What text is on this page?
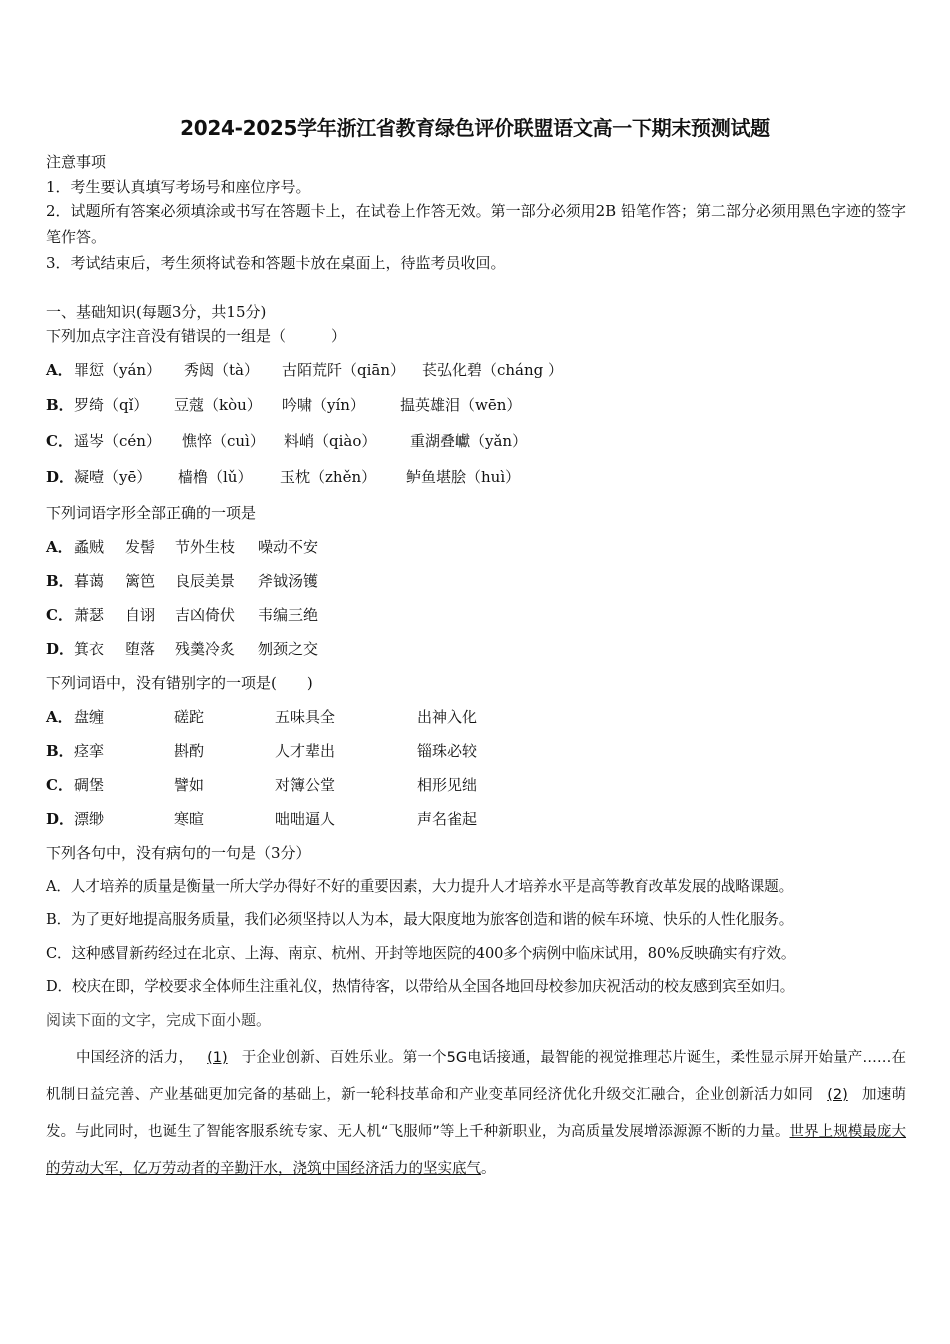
2024-2025学年浙江省教育绿色评价联盟语文高一下期末预测试题
注意事项
1．考生要认真填写考场号和座位序号。
2．试题所有答案必须填涂或书写在答题卡上，在试卷上作答无效。第一部分必须用2B 铅笔作答；第二部分必须用黑色字迹的签字笔作答。
3．考试结束后，考生须将试卷和答题卡放在桌面上，待监考员收回。
一、基础知识(每题3分，共15分)
下列加点字注音没有错误的一组是（　　　）
A． 罪愆（yán） 秀闼（tà） 古陌荒阡（qiān） 苌弘化碧（cháng ）
B． 罗绮（qǐ） 豆蔻（kòu） 吟啸（yín） 揾英雄泪（wēn）
C． 遥岑（cén） 憔悴（cuì） 料峭（qiào） 重湖叠巘（yǎn）
D． 凝噎（yē） 樯橹（lǔ） 玉枕（zhěn） 鲈鱼堪脍（huì）
下列词语字形全部正确的一项是
A． 蟊贼 发髻 节外生枝 噪动不安
B． 暮蔼 篱笆 良辰美景 斧钺汤镬
C． 萧瑟 自诩 吉凶倚伏 韦编三绝
D． 箕衣 堕落 残羹冷炙 刎颈之交
下列词语中，没有错别字的一项是(　　)
A． 盘缠	磋跎	五味具全	出神入化
B． 痉挛	斟酌	人才辈出	锱珠必较
C． 碉堡	譬如	对簿公堂	相形见绌
D． 漂缈	寒暄	咄咄逼人	声名雀起
下列各句中，没有病句的一句是（3分）
A．人才培养的质量是衡量一所大学办得好不好的重要因素，大力提升人才培养水平是高等教育改革发展的战略课题。
B．为了更好地提高服务质量，我们必须坚持以人为本，最大限度地为旅客创造和谐的候车环境、快乐的人性化服务。
C．这种感冒新药经过在北京、上海、南京、杭州、开封等地医院的400多个病例中临床试用，80%反映确实有疗效。
D．校庆在即，学校要求全体师生注重礼仪，热情待客，以带给从全国各地回母校参加庆祝活动的校友感到宾至如归。
阅读下面的文字，完成下面小题。
中国经济的活力， (1) 于企业创新、百姓乐业。第一个5G电话接通，最智能的视觉推理芯片诞生，柔性显示屏开始量产……在机制日益完善、产业基础更加完备的基础上，新一轮科技革命和产业变革同经济优化升级交汇融合，企业创新活力如同 (2) 加速萌发。与此同时，也诞生了智能客服系统专家、无人机“飞服师”等上千种新职业，为高质量发展增添源源不断的力量。世界上规模最庞大的劳动大军，亿万劳动者的辛勤汗水，浇筑中国经济活力的坚实底气。
